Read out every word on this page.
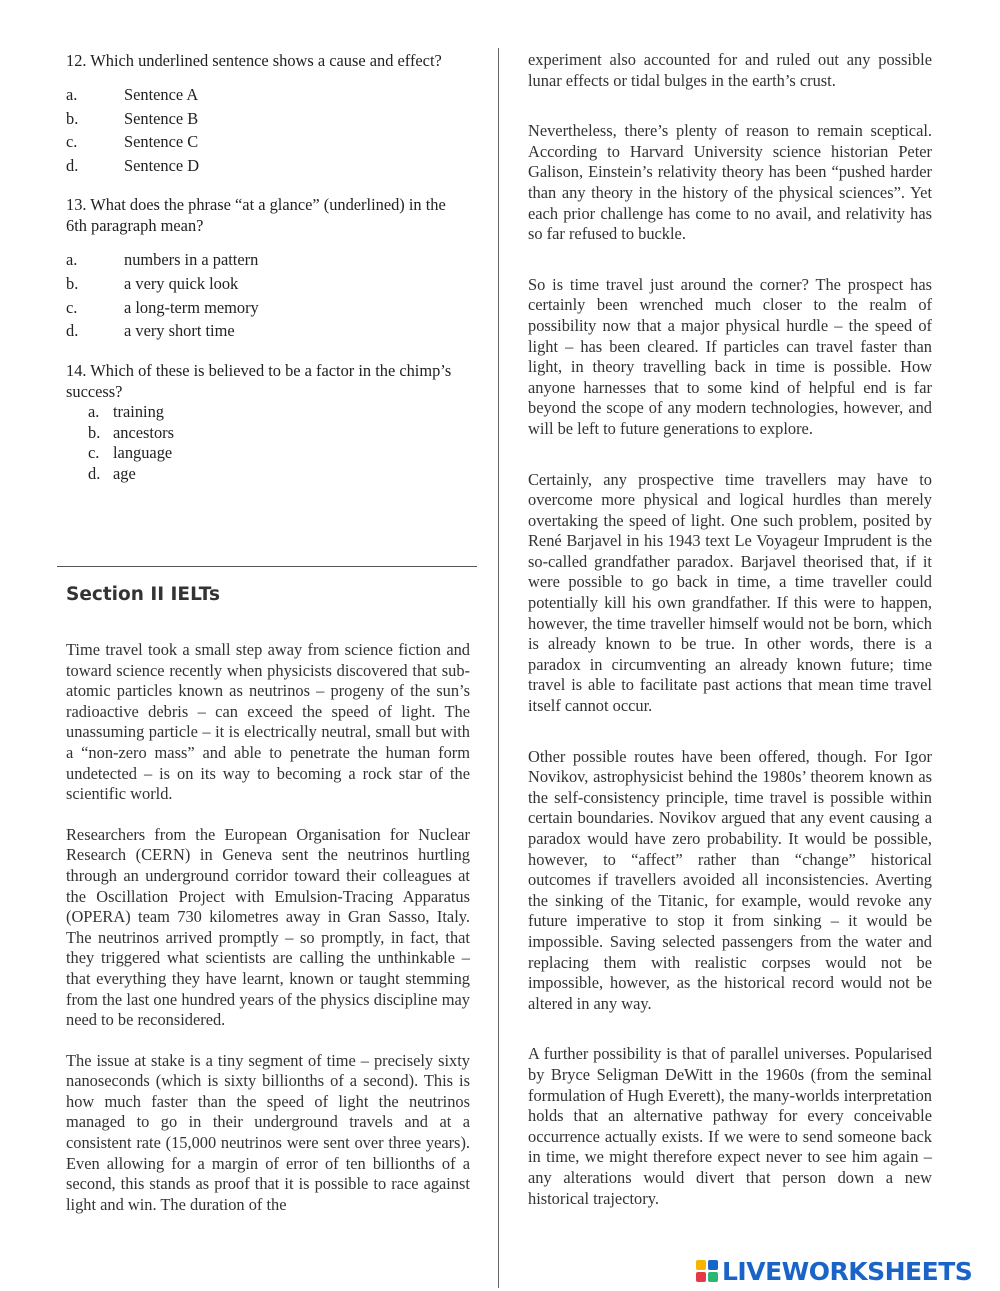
12. Which underlined sentence shows a cause and effect?

a.	Sentence A
b.	Sentence B
c.	Sentence C
d.	Sentence D

13. What does the phrase “at a glance” (underlined) in the 6th paragraph mean?

a.	numbers in a pattern
b.	a very quick look
c.	a long-term memory
d.	a very short time

14. Which of these is believed to be a factor in the chimp’s success?

a. training
b. ancestors
c. language
d. age
Section II IELTs

Time travel took a small step away from science fiction and toward science recently when physicists discovered that sub-atomic particles known as neutrinos – progeny of the sun’s radioactive debris – can exceed the speed of light. The unassuming particle – it is electrically neutral, small but with a “non-zero mass” and able to penetrate the human form undetected – is on its way to becoming a rock star of the scientific world.

Researchers from the European Organisation for Nuclear Research (CERN) in Geneva sent the neutrinos hurtling through an underground corridor toward their colleagues at the Oscillation Project with Emulsion-Tracing Apparatus (OPERA) team 730 kilometres away in Gran Sasso, Italy. The neutrinos arrived promptly – so promptly, in fact, that they triggered what scientists are calling the unthinkable – that everything they have learnt, known or taught stemming from the last one hundred years of the physics discipline may need to be reconsidered.

The issue at stake is a tiny segment of time – precisely sixty nanoseconds (which is sixty billionths of a second). This is how much faster than the speed of light the neutrinos managed to go in their underground travels and at a consistent rate (15,000 neutrinos were sent over three years). Even allowing for a margin of error of ten billionths of a second, this stands as proof that it is possible to race against light and win. The duration of the

experiment also accounted for and ruled out any possible lunar effects or tidal bulges in the earth’s crust.

Nevertheless, there’s plenty of reason to remain sceptical. According to Harvard University science historian Peter Galison, Einstein’s relativity theory has been “pushed harder than any theory in the history of the physical sciences”. Yet each prior challenge has come to no avail, and relativity has so far refused to buckle.

So is time travel just around the corner? The prospect has certainly been wrenched much closer to the realm of possibility now that a major physical hurdle – the speed of light – has been cleared. If particles can travel faster than light, in theory travelling back in time is possible. How anyone harnesses that to some kind of helpful end is far beyond the scope of any modern technologies, however, and will be left to future generations to explore.

Certainly, any prospective time travellers may have to overcome more physical and logical hurdles than merely overtaking the speed of light. One such problem, posited by René Barjavel in his 1943 text Le Voyageur Imprudent is the so-called grandfather paradox. Barjavel theorised that, if it were possible to go back in time, a time traveller could potentially kill his own grandfather. If this were to happen, however, the time traveller himself would not be born, which is already known to be true. In other words, there is a paradox in circumventing an already known future; time travel is able to facilitate past actions that mean time travel itself cannot occur.

Other possible routes have been offered, though. For Igor Novikov, astrophysicist behind the 1980s’ theorem known as the self-consistency principle, time travel is possible within certain boundaries. Novikov argued that any event causing a paradox would have zero probability. It would be possible, however, to “affect” rather than “change” historical outcomes if travellers avoided all inconsistencies. Averting the sinking of the Titanic, for example, would revoke any future imperative to stop it from sinking – it would be impossible. Saving selected passengers from the water and replacing them with realistic corpses would not be impossible, however, as the historical record would not be altered in any way.

A further possibility is that of parallel universes. Popularised by Bryce Seligman DeWitt in the 1960s (from the seminal formulation of Hugh Everett), the many-worlds interpretation holds that an alternative pathway for every conceivable occurrence actually exists. If we were to send someone back in time, we might therefore expect never to see him again – any alterations would divert that person down a new historical trajectory.

LIVEWORKSHEETS
